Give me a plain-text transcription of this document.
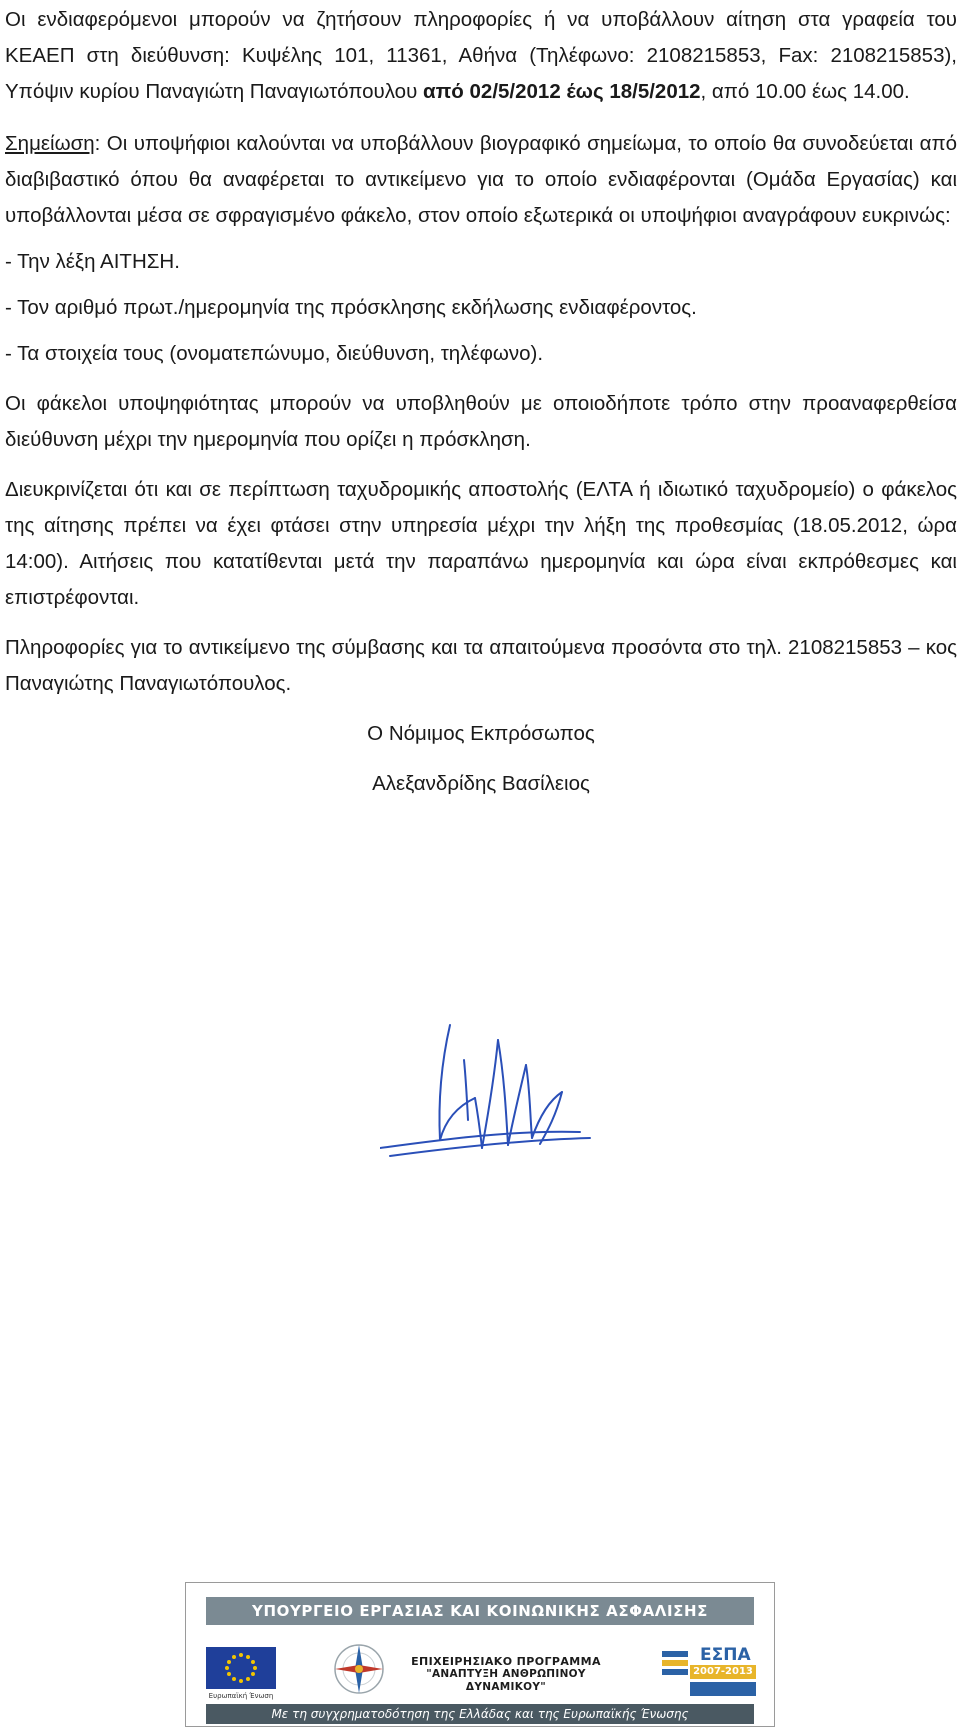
Οι ενδιαφερόμενοι μπορούν να ζητήσουν πληροφορίες ή να υποβάλλουν αίτηση στα γραφεία του ΚΕΑΕΠ στη διεύθυνση: Κυψέλης 101, 11361, Αθήνα (Τηλέφωνο: 2108215853, Fax: 2108215853), Υπόψιν κυρίου Παναγιώτη Παναγιωτόπουλου από 02/5/2012 έως 18/5/2012, από 10.00 έως 14.00.

Σημείωση: Οι υποψήφιοι καλούνται να υποβάλλουν βιογραφικό σημείωμα, το οποίο θα συνοδεύεται από διαβιβαστικό όπου θα αναφέρεται το αντικείμενο για το οποίο ενδιαφέρονται (Ομάδα Εργασίας) και υποβάλλονται μέσα σε σφραγισμένο φάκελο, στον οποίο εξωτερικά οι υποψήφιοι αναγράφουν ευκρινώς:

- Την λέξη ΑΙΤΗΣΗ.

- Τον αριθμό πρωτ./ημερομηνία της πρόσκλησης εκδήλωσης ενδιαφέροντος.

- Τα στοιχεία τους (ονοματεπώνυμο, διεύθυνση, τηλέφωνο).

Οι φάκελοι υποψηφιότητας μπορούν να υποβληθούν με οποιοδήποτε τρόπο στην προαναφερθείσα διεύθυνση μέχρι την ημερομηνία που ορίζει η πρόσκληση.

Διευκρινίζεται ότι και σε περίπτωση ταχυδρομικής αποστολής (ΕΛΤΑ ή ιδιωτικό ταχυδρομείο) ο φάκελος της αίτησης πρέπει να έχει φτάσει στην υπηρεσία μέχρι την λήξη της προθεσμίας (18.05.2012, ώρα 14:00). Αιτήσεις που κατατίθενται μετά την παραπάνω ημερομηνία και ώρα είναι εκπρόθεσμες και επιστρέφονται.

Πληροφορίες για το αντικείμενο της σύμβασης και τα απαιτούμενα προσόντα στο τηλ. 2108215853 – κος Παναγιώτης Παναγιωτόπουλος.

Ο Νόμιμος Εκπρόσωπος

Αλεξανδρίδης Βασίλειος

ΥΠΟΥΡΓΕΙΟ ΕΡΓΑΣΙΑΣ ΚΑΙ ΚΟΙΝΩΝΙΚΗΣ ΑΣΦΑΛΙΣΗΣ
Ευρωπαϊκή Ένωση
ΕΠΙΧΕΙΡΗΣΙΑΚΟ ΠΡΟΓΡΑΜΜΑ
"ΑΝΑΠΤΥΞΗ ΑΝΘΡΩΠΙΝΟΥ ΔΥΝΑΜΙΚΟΥ"
ΕΣΠΑ
2007-2013
Με τη συγχρηματοδότηση της Ελλάδας και της Ευρωπαϊκής Ένωσης
